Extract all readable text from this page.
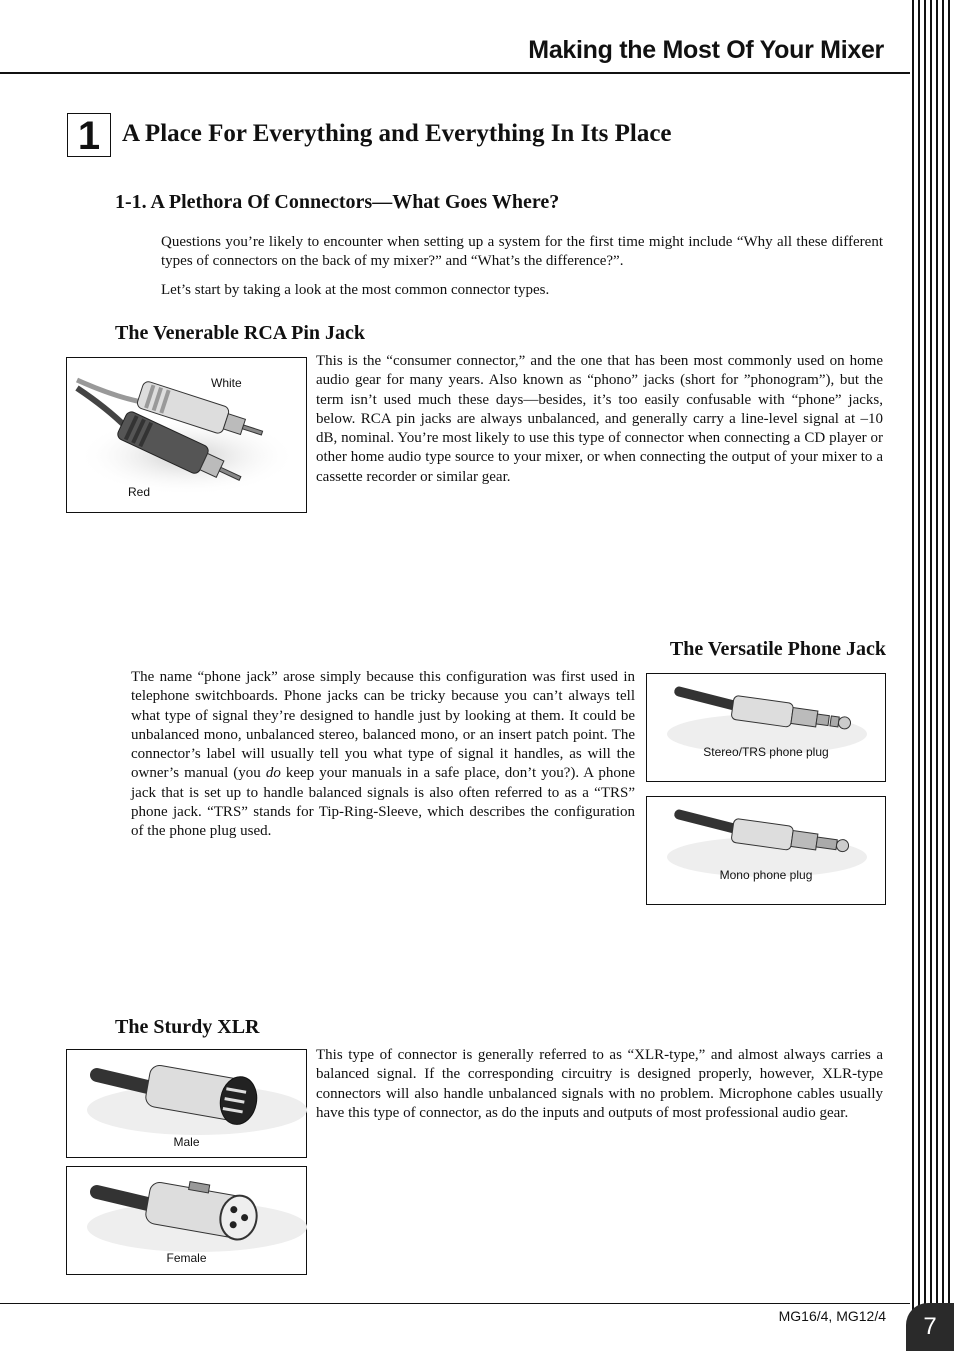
Making the Most Of Your Mixer
1 A Place For Everything and Everything In Its Place
1-1. A Plethora Of Connectors—What Goes Where?
Questions you’re likely to encounter when setting up a system for the first time might include “Why all these different types of connectors on the back of my mixer?” and “What’s the difference?”.
Let’s start by taking a look at the most common connector types.
The Venerable RCA Pin Jack
White
Red
This is the “consumer connector,” and the one that has been most commonly used on home audio gear for many years. Also known as “phono” jacks (short for ”phonogram”), but the term isn’t used much these days—besides, it’s too easily confusable with “phone” jacks, below. RCA pin jacks are always unbalanced, and generally carry a line-level signal at –10 dB, nominal. You’re most likely to use this type of connector when connecting a CD player or other home audio type source to your mixer, or when connecting the output of your mixer to a cassette recorder or similar gear.
The Versatile Phone Jack
The name “phone jack” arose simply because this configuration was first used in telephone switchboards. Phone jacks can be tricky because you can’t always tell what type of signal they’re designed to handle just by looking at them. It could be unbalanced mono, unbalanced stereo, balanced mono, or an insert patch point. The connector’s label will usually tell you what type of signal it handles, as will the owner’s manual (you do keep your manuals in a safe place, don’t you?). A phone jack that is set up to handle balanced signals is also often referred to as a “TRS” phone jack. “TRS” stands for Tip-Ring-Sleeve, which describes the configuration of the phone plug used.
Stereo/TRS phone plug
Mono phone plug
The Sturdy XLR
Male
Female
This type of connector is generally referred to as “XLR-type,” and almost always carries a balanced signal. If the corresponding circuitry is designed properly, however, XLR-type connectors will also handle unbalanced signals with no problem. Microphone cables usually have this type of connector, as do the inputs and outputs of most professional audio gear.
MG16/4, MG12/4	7
